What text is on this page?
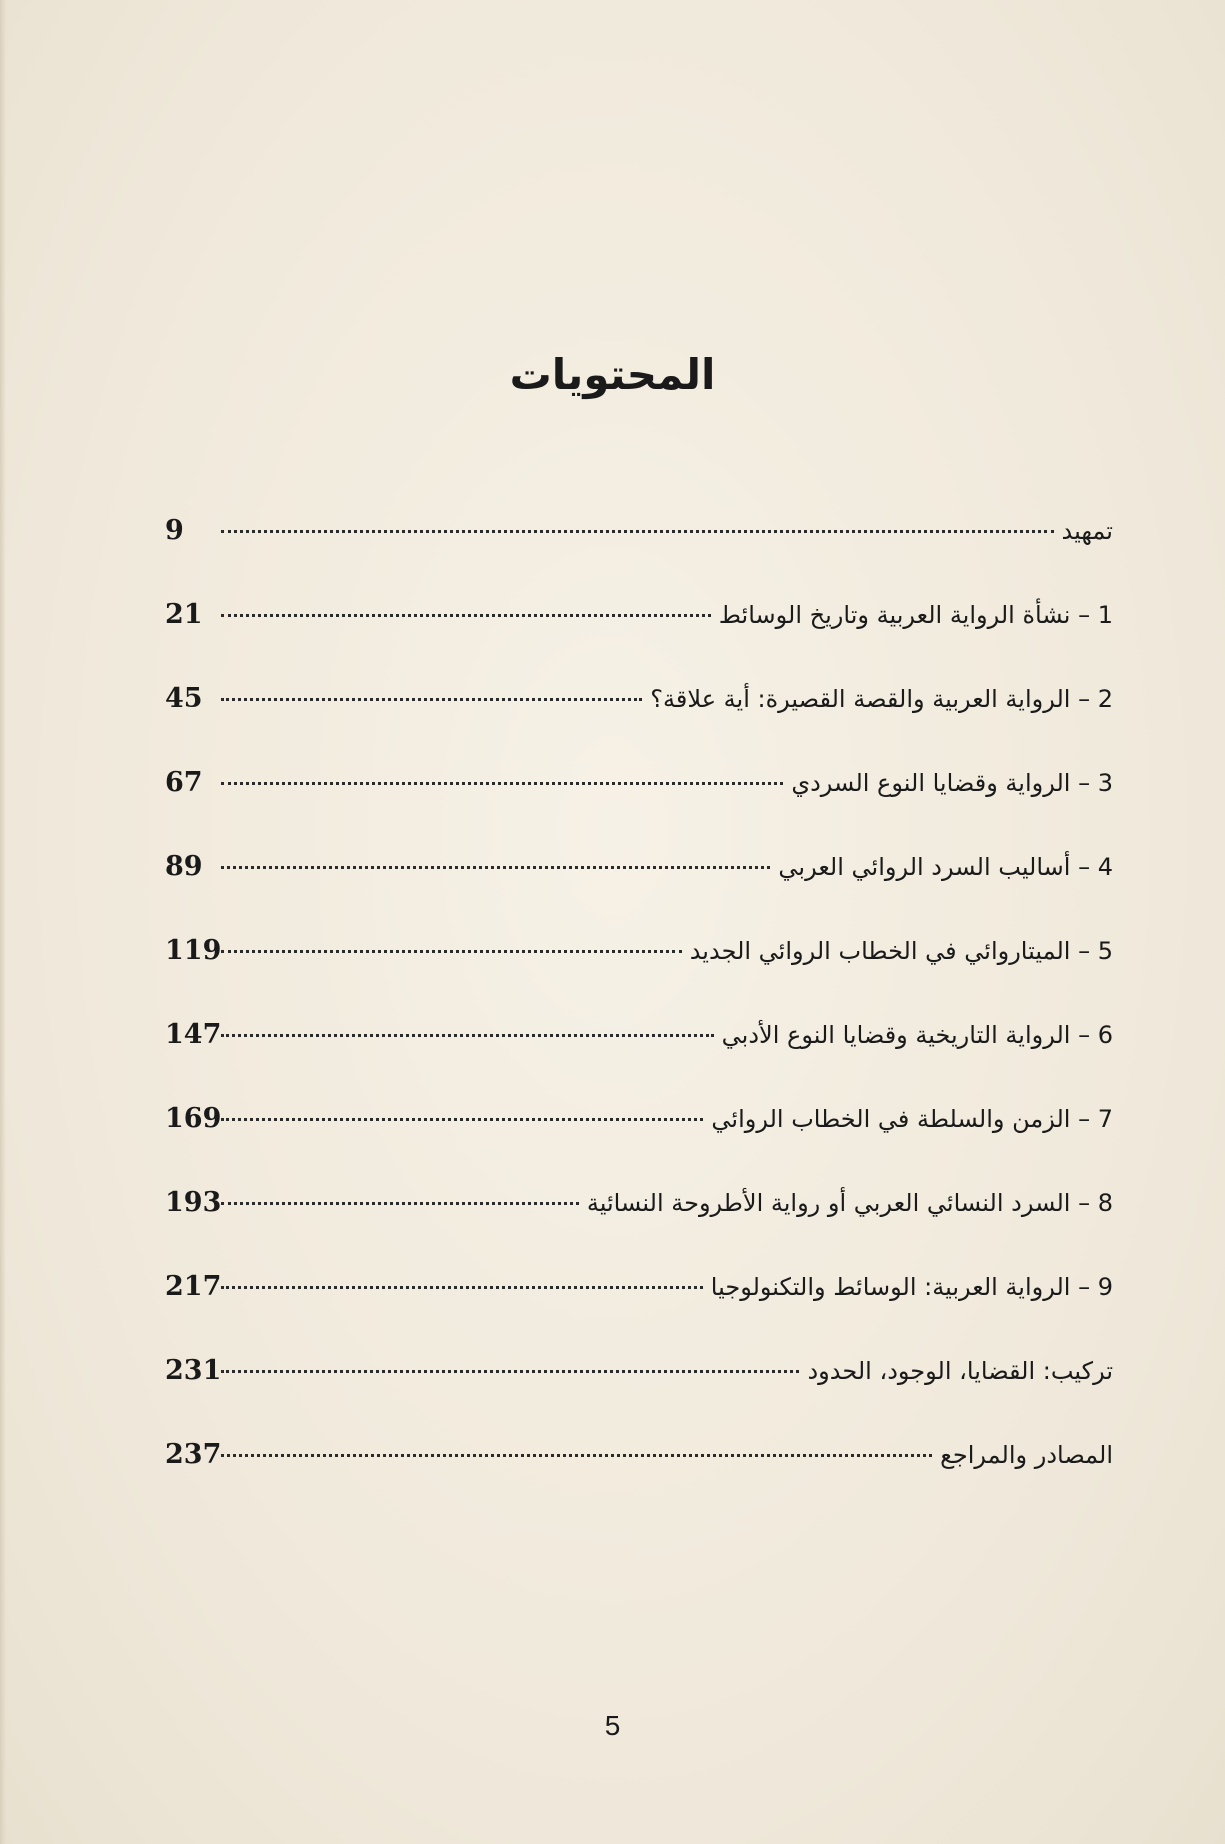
المحتويات
9	تمهيد
21	1 – نشأة الرواية العربية وتاريخ الوسائط
45	2 – الرواية العربية والقصة القصيرة: أية علاقة؟
67	3 – الرواية وقضايا النوع السردي
89	4 – أساليب السرد الروائي العربي
119	5 – الميتاروائي في الخطاب الروائي الجديد
147	6 – الرواية التاريخية وقضايا النوع الأدبي
169	7 – الزمن والسلطة في الخطاب الروائي
193	8 – السرد النسائي العربي أو رواية الأطروحة النسائية
217	9 – الرواية العربية: الوسائط والتكنولوجيا
231	تركيب: القضايا، الوجود، الحدود
237	المصادر والمراجع
5
